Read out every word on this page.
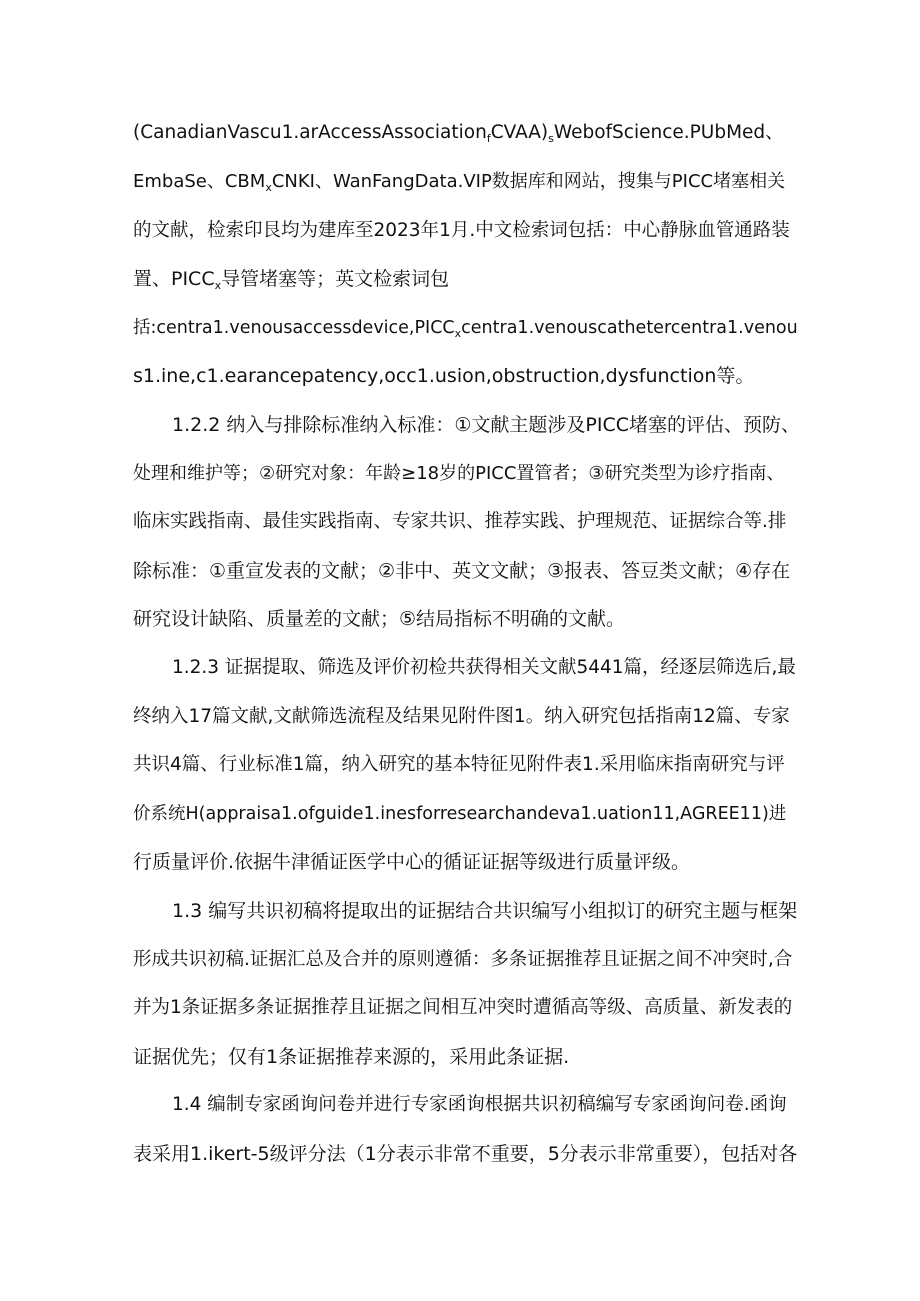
$(CanadianVascu1.arAccessAssociation_fCVAA)_sWebofScience.PUbMed$、
EmbaSe、$CBM_xCNKI$、WanFangData.VIP数据库和网站，搜集与PICC堵塞相关
的文献，检索印艮均为建库至2023年1月.中文检索词包括：中心静脉血管通路装
置、$PICC_x$导管堵塞等；英文检索词包
括$:centra1.venousaccessdevice,PICC_xcentra1.venouscathetercentra1.venou$
s1.ine,c1.earancepatency,occ1.usion,obstruction,dysfunction等。
1.2.2 纳入与排除标准纳入标准：①文献主题涉及PICC堵塞的评估、预防、
处理和维护等；②研究对象：年龄≥18岁的PICC置管者；③研究类型为诊疗指南、
临床实践指南、最佳实践指南、专家共识、推荐实践、护理规范、证据综合等.排
除标准：①重宣发表的文献；②非中、英文文献；③报表、答豆类文献；④存在
研究设计缺陷、质量差的文献；⑤结局指标不明确的文献。
1.2.3 证据提取、筛选及评价初检共获得相关文献5441篇，经逐层筛选后,最
终纳入17篇文献,文献筛选流程及结果见附件图1。纳入研究包括指南12篇、专家
共识4篇、行业标准1篇，纳入研究的基本特征见附件表1.采用临床指南研究与评
价系统H(appraisa1.ofguide1.inesforresearchandeva1.uation11,AGREE11)进
行质量评价.依据牛津循证医学中心的循证证据等级进行质量评级。
1.3 编写共识初稿将提取出的证据结合共识编写小组拟订的研究主题与框架
形成共识初稿.证据汇总及合并的原则遵循：多条证据推荐且证据之间不冲突时,合
并为1条证据多条证据推荐且证据之间相互冲突时遭循高等级、高质量、新发表的
证据优先；仅有1条证据推荐来源的，采用此条证据.
1.4 编制专家函询问卷并进行专家函询根据共识初稿编写专家函询问卷.函询
表采用1.ikert-5级评分法（1分表示非常不重要，5分表示非常重要），包括对各
